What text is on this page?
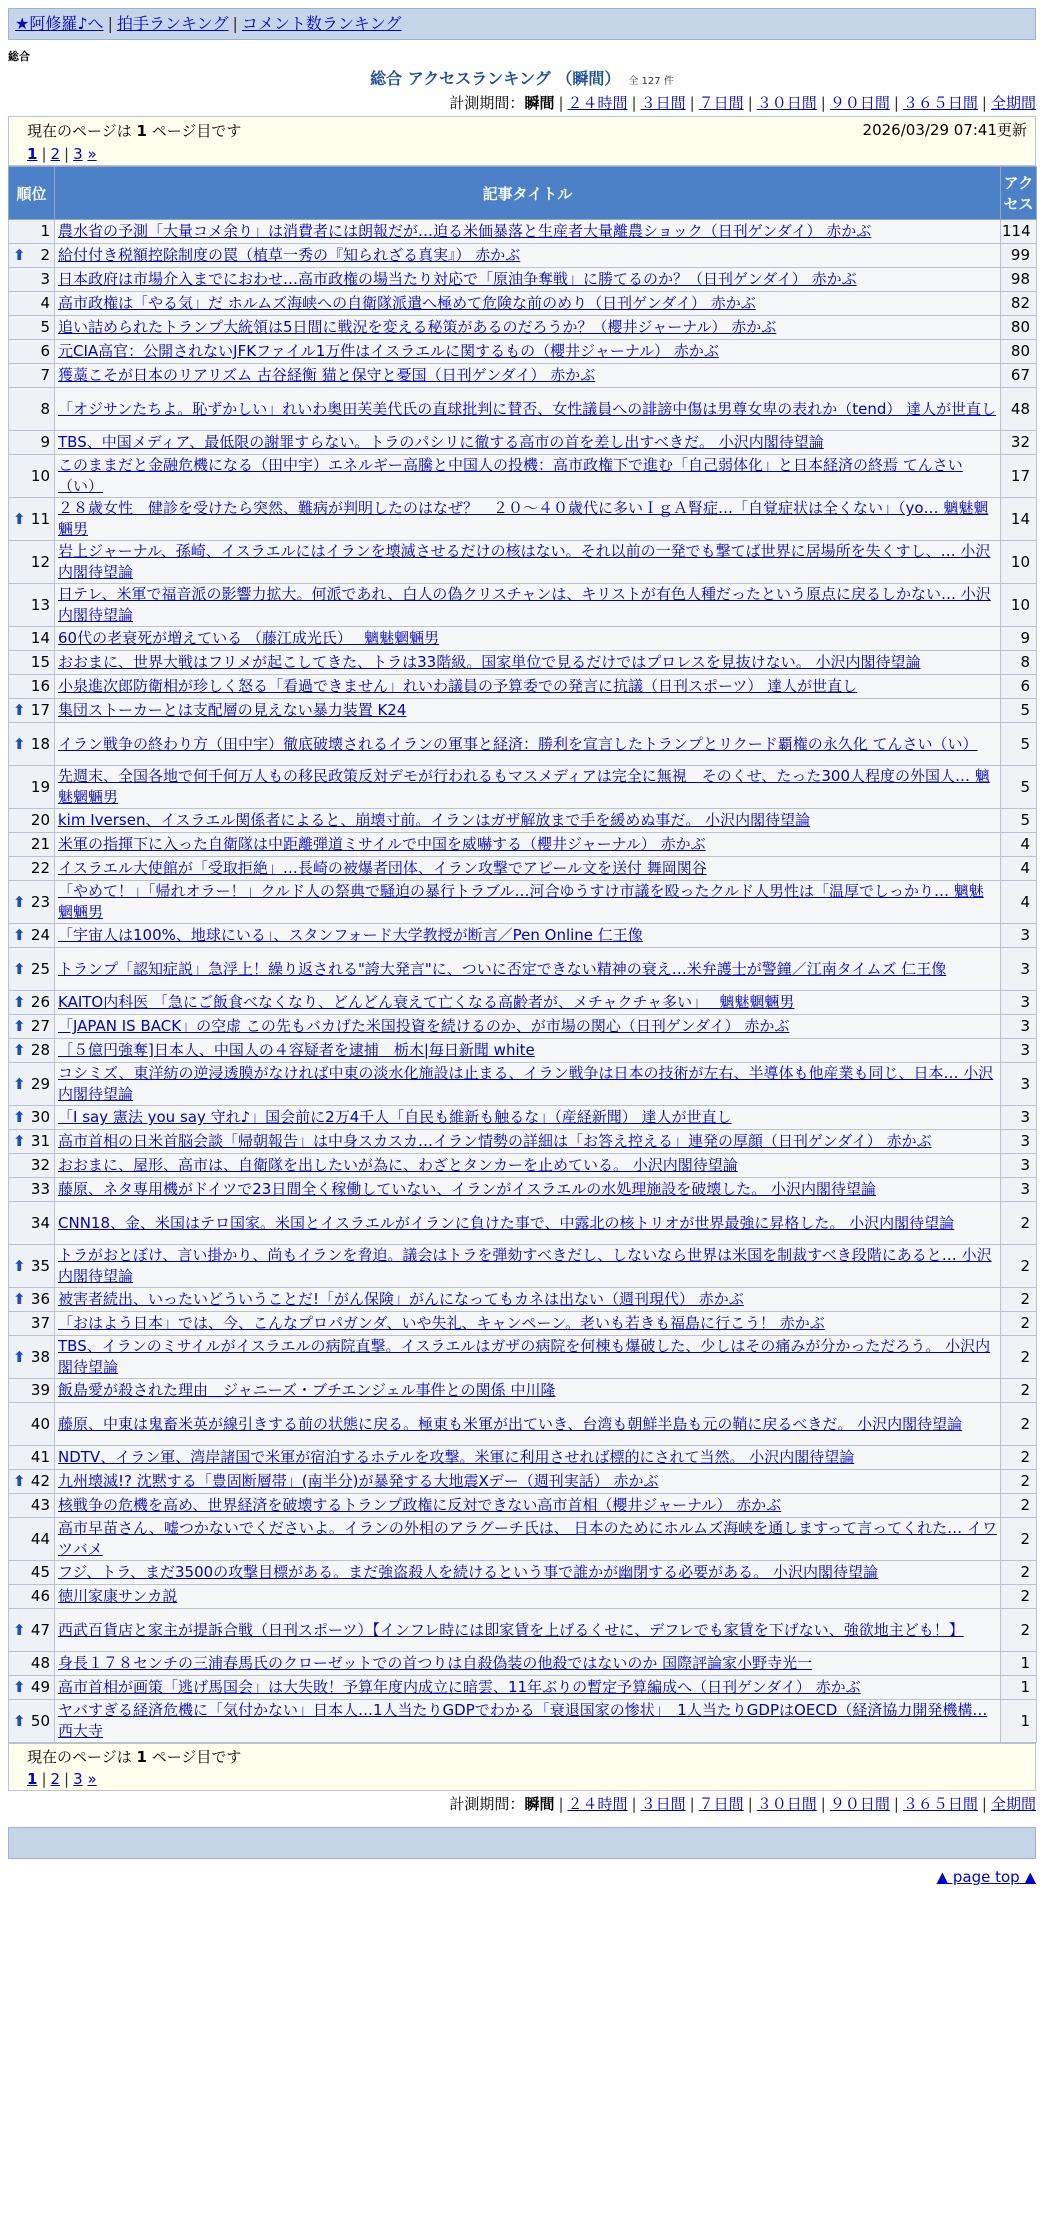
★阿修羅♪へ | 拍手ランキング | コメント数ランキング
総合
総合 アクセスランキング （瞬間） 全 127 件
計測期間：瞬間 | ２４時間 | ３日間 | ７日間 | ３０日間 | ９０日間 | ３６５日間 | 全期間
現在のページは 1 ページ目です	2026/03/29 07:41更新
1 | 2 | 3 »
順位	記事タイトル	アクセス
1	農水省の予測「大量コメ余り」は消費者には朗報だが…迫る米価暴落と生産者大量離農ショック（日刊ゲンダイ） 赤かぶ	114

⬆ 2	給付付き税額控除制度の罠（植草一秀の『知られざる真実』） 赤かぶ	99
3	日本政府は市場介入までにおわせ…高市政権の場当たり対応で「原油争奪戦」に勝てるのか？（日刊ゲンダイ） 赤かぶ	98
4	高市政権は「やる気」だ ホルムズ海峡への自衛隊派遣へ極めて危険な前のめり（日刊ゲンダイ） 赤かぶ	82
5	追い詰められたトランプ大統領は5日間に戦況を変える秘策があるのだろうか？（櫻井ジャーナル） 赤かぶ	80
6	元CIA高官：公開されないJFKファイル1万件はイスラエルに関するもの（櫻井ジャーナル） 赤かぶ	80
7	獲藁こそが日本のリアリズム 古谷経衡 猫と保守と憂国（日刊ゲンダイ） 赤かぶ	67
8	「オジサンたちよ。恥ずかしい」れいわ奥田芙美代氏の直球批判に賛否、女性議員への誹謗中傷は男尊女卑の表れか（tend） 達人が世直し	48
9	TBS、中国メディア、最低限の謝罪すらない。トラのパシリに徹する高市の首を差し出すべきだ。 小沢内閣待望論	32
10	このままだと金融危機になる（田中宇）エネルギー高騰と中国人の投機：高市政権下で進む「自己弱体化」と日本経済の終焉 てんさい（い）	17

⬆ 11	２８歳女性　健診を受けたら突然、難病が判明したのはなぜ？　２０～４０歳代に多いＩｇＡ腎症…「自覚症状は全くない」（yo… 魑魅魍魎男	14
12	岩上ジャーナル、孫崎、イスラエルにはイランを壊滅させるだけの核はない。それ以前の一発でも撃てば世界に居場所を失くすし、… 小沢内閣待望論	10
13	日テレ、米軍で福音派の影響力拡大。何派であれ、白人の偽クリスチャンは、キリストが有色人種だったという原点に戻るしかない… 小沢内閣待望論	10
14	60代の老衰死が増えている （藤江成光氏）　 魑魅魍魎男	9
15	おおまに、世界大戦はフリメが起こしてきた、トラは33階級。国家単位で見るだけではプロレスを見抜けない。 小沢内閣待望論	8
16	小泉進次郎防衛相が珍しく怒る「看過できません」れいわ議員の予算委での発言に抗議（日刊スポーツ） 達人が世直し	6

⬆ 17	集団ストーカーとは支配層の見えない暴力装置 K24	5

⬆ 18	イラン戦争の終わり方（田中宇）徹底破壊されるイランの軍事と経済：勝利を宣言したトランプとリクード覇権の永久化 てんさい（い）	5
19	先週末、全国各地で何千何万人もの移民政策反対デモが行われるもマスメディアは完全に無視　そのくせ、たった300人程度の外国人… 魑魅魍魎男	5
20	kim Iversen、イスラエル関係者によると、崩壊寸前。イランはガザ解放まで手を緩めぬ事だ。 小沢内閣待望論	5
21	米軍の指揮下に入った自衛隊は中距離弾道ミサイルで中国を威嚇する（櫻井ジャーナル） 赤かぶ	4
22	イスラエル大使館が「受取拒絶」…長崎の被爆者団体、イラン攻撃でアピール文を送付 舞岡関谷	4

⬆ 23	「やめて！」「帰れオラー！」クルド人の祭典で騒迫の暴行トラブル…河合ゆうすけ市議を殴ったクルド人男性は「温厚でしっかり… 魑魅魍魎男	4

⬆ 24	「宇宙人は100%、地球にいる」、スタンフォード大学教授が断言／Pen Online 仁王像	3

⬆ 25	トランプ「認知症説」急浮上！繰り返される"誇大発言"に、ついに否定できない精神の衰え…米弁護士が警鐘／江南タイムズ 仁王像	3

⬆ 26	KAITO内科医 「急にご飯食べなくなり、どんどん衰えて亡くなる高齢者が、メチャクチャ多い」　 魑魅魍魎男	3

⬆ 27	「JAPAN IS BACK」の空虚 この先もバカげた米国投資を続けるのか、が市場の関心（日刊ゲンダイ） 赤かぶ	3

⬆ 28	［５億円強奪]日本人、中国人の４容疑者を逮捕　栃木|毎日新聞 white	3

⬆ 29	コシミズ、東洋紡の逆浸透膜がなければ中東の淡水化施設は止まる、イラン戦争は日本の技術が左右、半導体も他産業も同じ、日本… 小沢内閣待望論	3

⬆ 30	「I say 憲法 you say 守れ♪」国会前に2万4千人「自民も維新も触るな」（産経新聞） 達人が世直し	3

⬆ 31	高市首相の日米首脳会談「帰朝報告」は中身スカスカ…イラン情勢の詳細は「お答え控える」連発の厚顔（日刊ゲンダイ） 赤かぶ	3
32	おおまに、屋形、高市は、自衛隊を出したいが為に、わざとタンカーを止めている。 小沢内閣待望論	3
33	藤原、ネタ専用機がドイツで23日間全く稼働していない、イランがイスラエルの水処理施設を破壊した。 小沢内閣待望論	3
34	CNN18、金、米国はテロ国家。米国とイスラエルがイランに負けた事で、中露北の核トリオが世界最強に昇格した。 小沢内閣待望論	2

⬆ 35	トラがおとぼけ、言い掛かり、尚もイランを脅迫。議会はトラを弾劾すべきだし、しないなら世界は米国を制裁すべき段階にあると… 小沢内閣待望論	2

⬆ 36	被害者続出、いったいどういうことだ!「がん保険」がんになってもカネは出ない（週刊現代） 赤かぶ	2
37	「おはよう日本」では、今、こんなプロパガンダ、いや失礼、キャンペーン。老いも若きも福島に行こう！ 赤かぶ	2

⬆ 38	TBS、イランのミサイルがイスラエルの病院直撃。イスラエルはガザの病院を何棟も爆破した、少しはその痛みが分かっただろう。 小沢内閣待望論	2
39	飯島愛が殺された理由＿ジャニーズ・ブチエンジェル事件との関係 中川隆	2
40	藤原、中東は鬼畜米英が線引きする前の状態に戻る。極東も米軍が出ていき、台湾も朝鮮半島も元の鞘に戻るべきだ。 小沢内閣待望論	2
41	NDTV、イラン軍、湾岸諸国で米軍が宿泊するホテルを攻撃。米軍に利用させれば標的にされて当然。 小沢内閣待望論	2

⬆ 42	九州壊滅!? 沈黙する「豊固断層帯」(南半分)が暴発する大地震Xデー（週刊実話） 赤かぶ	2
43	核戦争の危機を高め、世界経済を破壊するトランプ政権に反対できない高市首相（櫻井ジャーナル） 赤かぶ	2
44	高市早苗さん、嘘つかないでくださいよ。イランの外相のアラグーチ氏は、 日本のためにホルムズ海峡を通しますって言ってくれた… イワツバメ	2
45	フジ、トラ、まだ3500の攻撃目標がある。まだ強盗殺人を続けるという事で誰かが幽閉する必要がある。 小沢内閣待望論	2
46	徳川家康サンカ説	2

⬆ 47	西武百貨店と家主が提訴合戦（日刊スポーツ）【インフレ時には即家賃を上げるくせに、デフレでも家賃を下げない、強欲地主ども！】	2
48	身長１７８センチの三浦春馬氏のクローゼットでの首つりは自殺偽装の他殺ではないのか 国際評論家小野寺光一	1

⬆ 49	高市首相が画策「逃げ馬国会」は大失敗！予算年度内成立に暗雲、11年ぶりの暫定予算編成へ（日刊ゲンダイ） 赤かぶ	1

⬆ 50	ヤバすぎる経済危機に「気付かない」日本人…1人当たりGDPでわかる「衰退国家の惨状」　1人当たりGDPはOECD（経済協力開発機構… 西大寺	1
現在のページは 1 ページ目です
1 | 2 | 3 »
計測期間：瞬間 | ２４時間 | ３日間 | ７日間 | ３０日間 | ９０日間 | ３６５日間 | 全期間
▲ page top ▲
